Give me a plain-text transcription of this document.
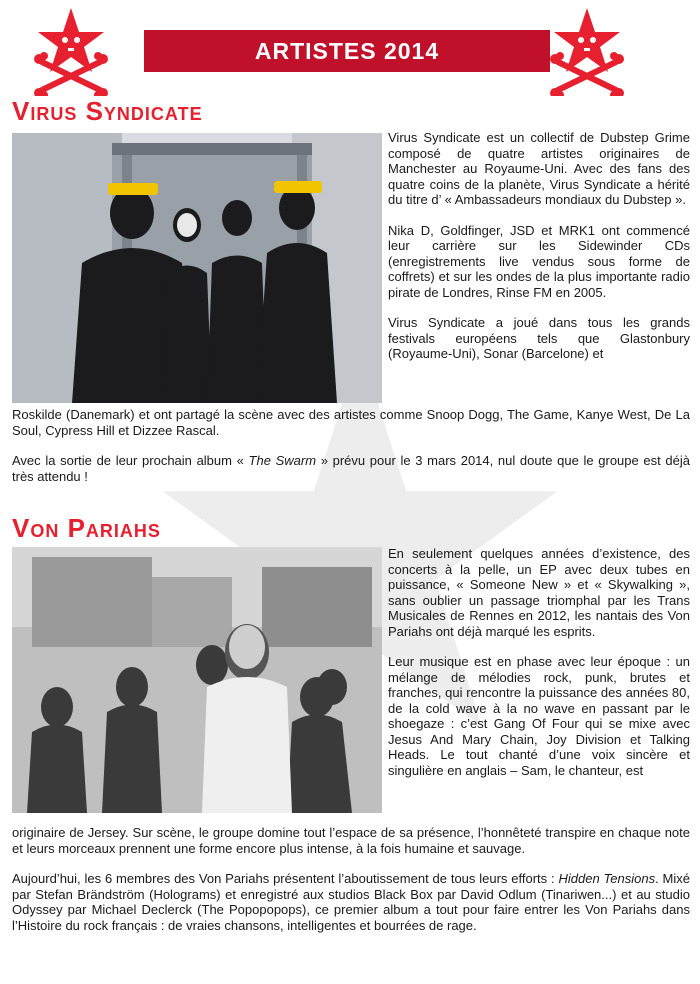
ARTISTES 2014
Virus Syndicate

Virus Syndicate est un collectif de Dubstep Grime composé de quatre artistes originaires de Manchester au Royaume-Uni. Avec des fans des quatre coins de la planète, Virus Syndicate a hérité du titre d’ « Ambassadeurs mondiaux du Dubstep ».

Nika D, Goldfinger, JSD et MRK1 ont commencé leur carrière sur les Sidewinder CDs (enregistrements live vendus sous forme de coffrets) et sur les ondes de la plus importante radio pirate de Londres, Rinse FM en 2005.

Virus Syndicate a joué dans tous les grands festivals européens tels que Glastonbury (Royaume-Uni), Sonar (Barcelone) et

Roskilde (Danemark) et ont partagé la scène avec des artistes comme Snoop Dogg, The Game, Kanye West, De La Soul, Cypress Hill et Dizzee Rascal.

Avec la sortie de leur prochain album « The Swarm » prévu pour le 3 mars 2014, nul doute que le groupe est déjà très attendu !

Von Pariahs

En seulement quelques années d’existence, des concerts à la pelle, un EP avec deux tubes en puissance, « Someone New » et « Skywalking », sans oublier un passage triomphal par les Trans Musicales de Rennes en 2012, les nantais des Von Pariahs ont déjà marqué les esprits.

Leur musique est en phase avec leur époque : un mélange de mélodies rock, punk, brutes et franches, qui rencontre la puissance des années 80, de la cold wave à la no wave en passant par le shoegaze : c’est Gang Of Four qui se mixe avec Jesus And Mary Chain, Joy Division et Talking Heads. Le tout chanté d’une voix sincère et singulière en anglais – Sam, le chanteur, est

originaire de Jersey. Sur scène, le groupe domine tout l’espace de sa présence, l’honnêteté transpire en chaque note et leurs morceaux prennent une forme encore plus intense, à la fois humaine et sauvage.

Aujourd’hui, les 6 membres des Von Pariahs présentent l’aboutissement de tous leurs efforts : Hidden Tensions. Mixé par Stefan Brändström (Holograms) et enregistré aux studios Black Box par David Odlum (Tinariwen...) et au studio Odyssey par Michael Declerck (The Popopopops), ce premier album a tout pour faire entrer les Von Pariahs dans l’Histoire du rock français : de vraies chansons, intelligentes et bourrées de rage.
